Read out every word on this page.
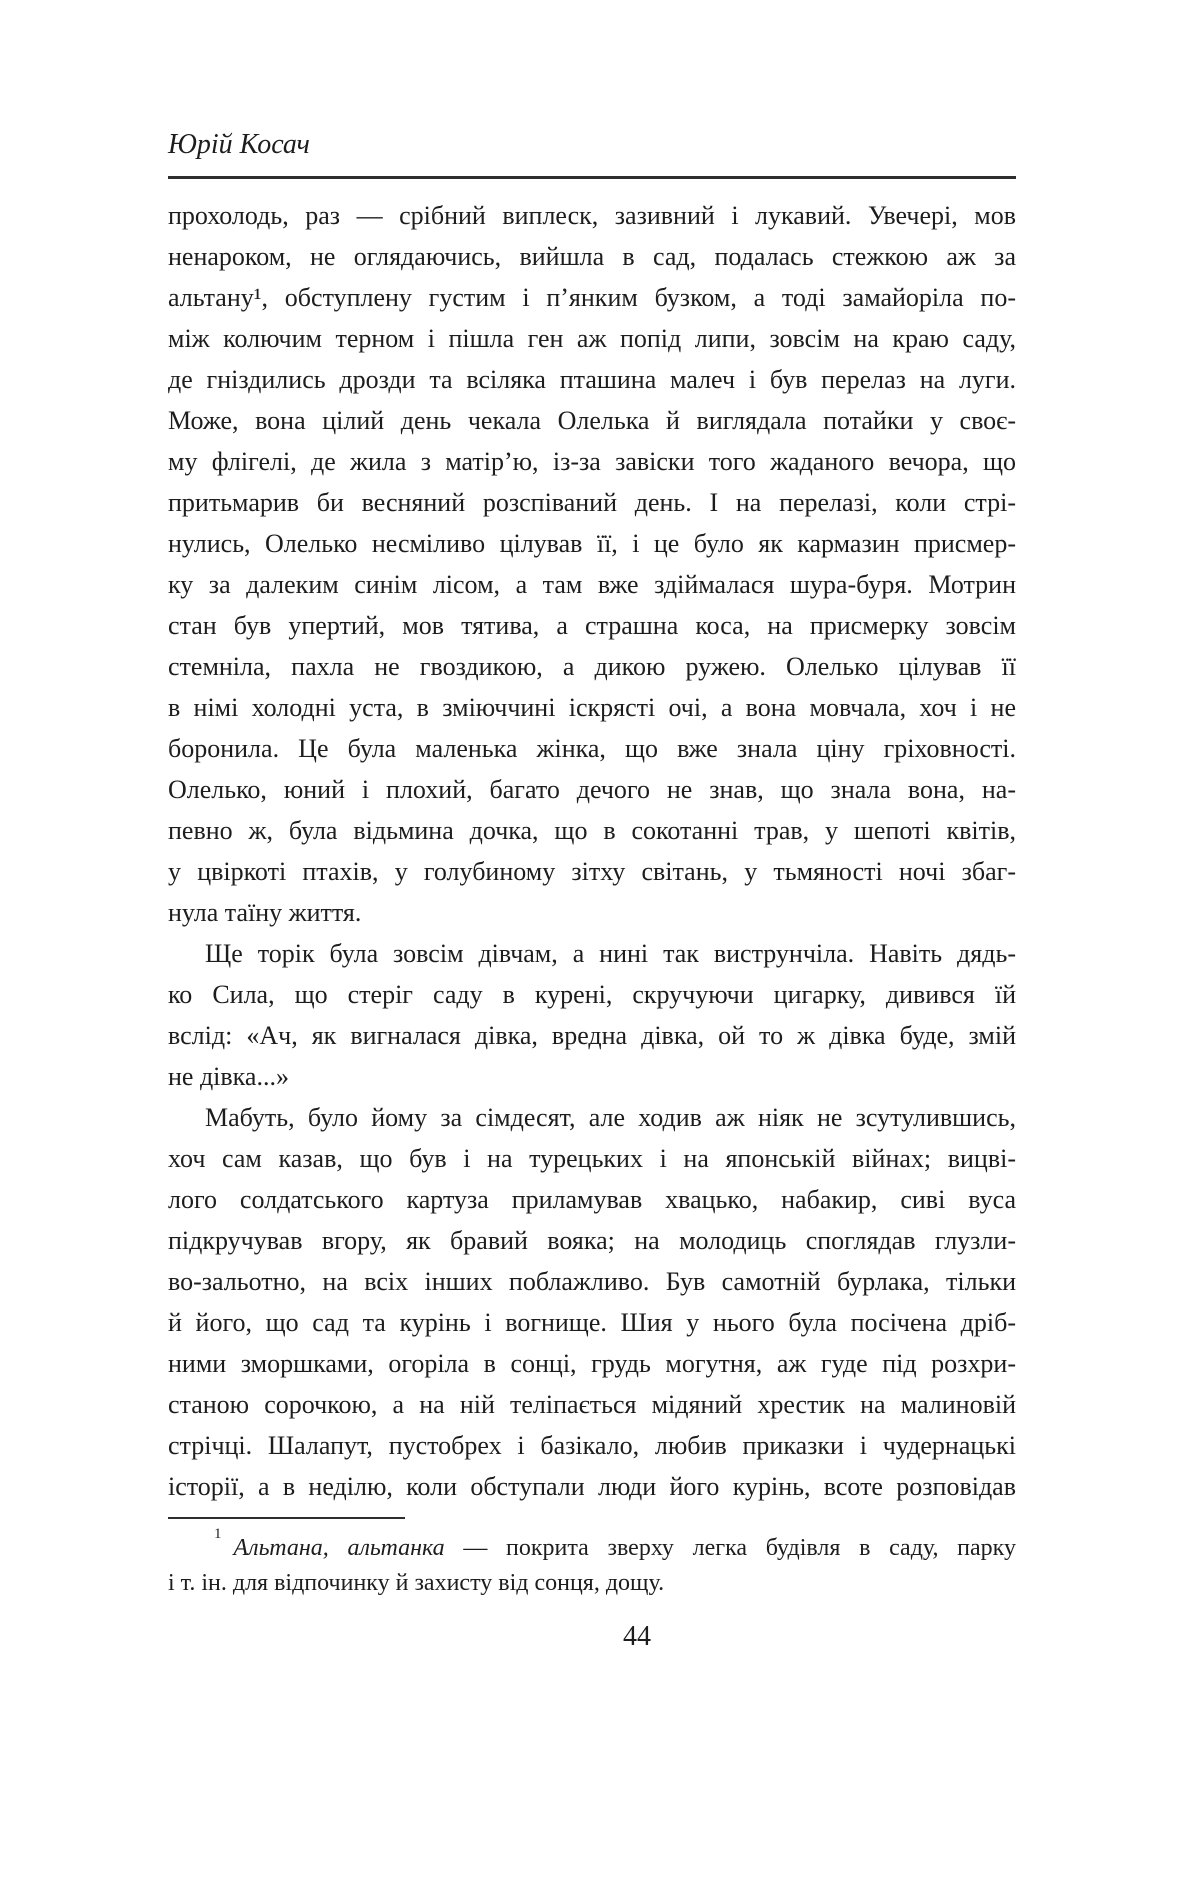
Юрій Косач
прохолодь, раз — срібний виплеск, зазивний і лукавий. Увечері, мов
ненароком, не оглядаючись, вийшла в сад, подалась стежкою аж за
альтану¹, обступлену густим і п’янким бузком, а тоді замайоріла по-
між колючим терном і пішла ген аж попід липи, зовсім на краю саду,
де гніздились дрозди та всіляка пташина малеч і був перелаз на луги.
Може, вона цілий день чекала Олелька й виглядала потайки у своє-
му флігелі, де жила з матір’ю, із-за завіски того жаданого вечора, що
притьмарив би весняний розспіваний день. І на перелазі, коли стрі-
нулись, Олелько несміливо цілував її, і це було як кармазин присмер-
ку за далеким синім лісом, а там вже здіймалася шура-буря. Мотрин
стан був упертий, мов тятива, а страшна коса, на присмерку зовсім
стемніла, пахла не гвоздикою, а дикою ружею. Олелько цілував її
в німі холодні уста, в зміюччині іскрясті очі, а вона мовчала, хоч і не
боронила. Це була маленька жінка, що вже знала ціну гріховності.
Олелько, юний і плохий, багато дечого не знав, що знала вона, на-
певно ж, була відьмина дочка, що в сокотанні трав, у шепоті квітів,
у цвіркоті птахів, у голубиному зітху світань, у тьмяності ночі збаг-
нула таїну життя.
Ще торік була зовсім дівчам, а нині так виструнчіла. Навіть дядь-
ко Сила, що стеріг саду в курені, скручуючи цигарку, дивився їй
вслід: «Ач, як вигналася дівка, вредна дівка, ой то ж дівка буде, змій
не дівка...»
Мабуть, було йому за сімдесят, але ходив аж ніяк не зсутулившись,
хоч сам казав, що був і на турецьких і на японській війнах; вицві-
лого солдатського картуза приламував хвацько, набакир, сиві вуса
підкручував вгору, як бравий вояка; на молодиць споглядав глузли-
во-зальотно, на всіх інших поблажливо. Був самотній бурлака, тільки
й його, що сад та курінь і вогнище. Шия у нього була посічена дріб-
ними зморшками, огоріла в сонці, грудь могутня, аж гуде під розхри-
станою сорочкою, а на ній теліпається мідяний хрестик на малиновій
стрічці. Шалапут, пустобрех і базікало, любив приказки і чудернацькі
історії, а в неділю, коли обступали люди його курінь, всоте розповідав
$^1$Альтана, альтанка — покрита зверху легка будівля в саду, парку
і т. ін. для відпочинку й захисту від сонця, дощу.
44
